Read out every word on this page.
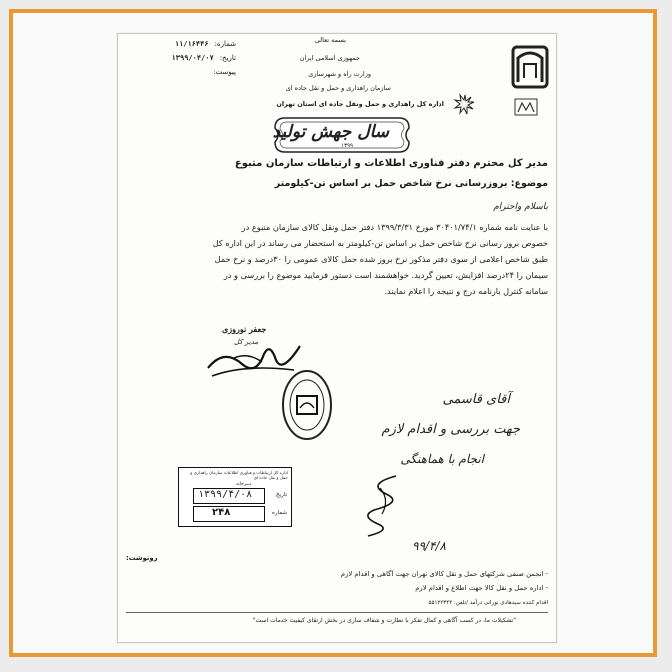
بسمه تعالی
جمهوری اسلامی ایران
وزارت راه و شهرسازی
سازمان راهداری و حمل و نقل جاده ای
اداره کل راهداری و حمل ونقل جاده ای استان تهران
شماره:
۱۱/۱۶۴۴۶
تاریخ:
۱۳۹۹/۰۴/۰۷
پیوست:
سال جهش تولید
۱۳۹۹
مدیر کل محترم دفتر فناوری اطلاعات و ارتباطات سازمان متبوع
موضوع: بروزرسانی نرخ شاخص حمل بر اساس تن-کیلومتر
باسلام واحترام
با عنایت نامه شماره ۳۰۴۰۱/۷۴/۱ مورخ ۱۳۹۹/۳/۳۱ دفتر حمل ونقل کالای سازمان متبوع در
خصوص بروز رسانی نرخ شاخص حمل بر اساس تن-کیلومتر به استحضار می رساند در این اداره کل
طبق شاخص اعلامی از سوی دفتر مذکور نرخ بروز شده حمل کالای عمومی را ۳۰درصد و نرخ حمل
سیمان را ۲۴درصد افزایش، تعیین گردید. خواهشمند است دستور فرمایید موضوع را بررسی و در
سامانه کنترل بارنامه درج و نتیجه را اعلام نمایند.
جعفر نوروزی
مدیر کل
آقای قاسمی
جهت بررسی و اقدام لازم
انجام با هماهنگی
۹۹/۴/۸
اداره کل ارتباطات و فناوری اطلاعات سازمان راهداری و حمل و نقل جاده ای
دبیرخانه
۱۳۹۹/۴/۰۸	تاریخ
۲۴۸	شماره
رونوشت:
- انجمن صنفی شرکتهای حمل و نقل کالای تهران جهت آگاهی و اقدام لازم
- اداره حمل و نقل کالا جهت اطلاع و اقدام لازم
اقدام کننده سیدهادی نورانی درآمد /تلفن: ۵۵۱۲۲۳۴۴
"تشکیلات ما، در کسب آگاهی و کمال تفکر با نظارت و شفاف سازی در بخش ارتقای کیفیت خدمات است"
